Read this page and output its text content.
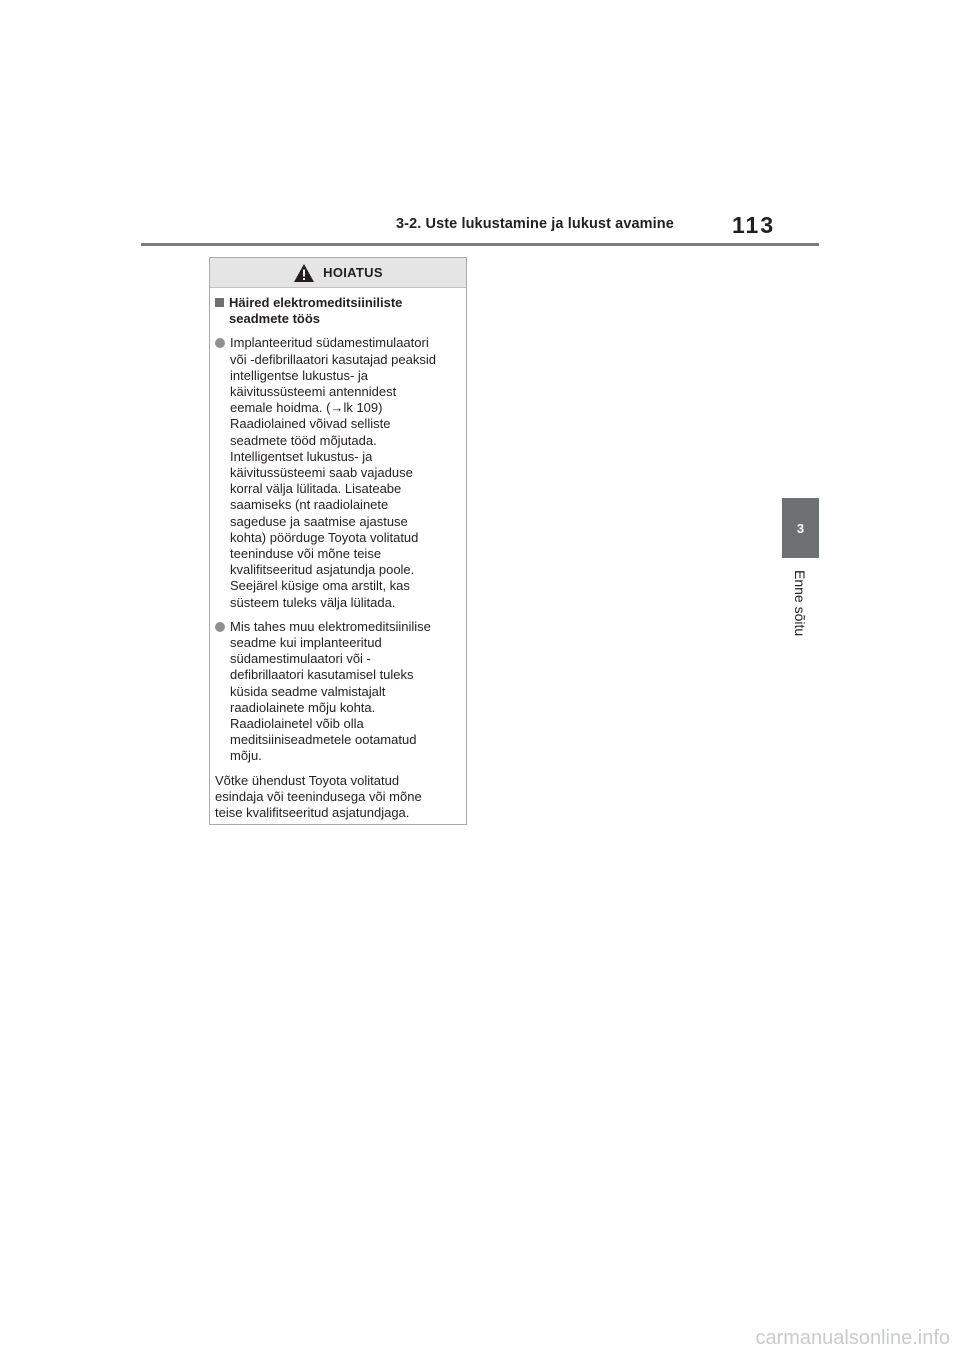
3-2. Uste lukustamine ja lukust avamine	113
3
Enne sõitu
HOIATUS
Häired elektromeditsiiniliste
seadmete töös
Implanteeritud südamestimulaatori
või -defibrillaatori kasutajad peaksid
intelligentse lukustus- ja
käivitussüsteemi antennidest
eemale hoidma. (→lk 109)
Raadiolained võivad selliste
seadmete tööd mõjutada.
Intelligentset lukustus- ja
käivitussüsteemi saab vajaduse
korral välja lülitada. Lisateabe
saamiseks (nt raadiolainete
sageduse ja saatmise ajastuse
kohta) pöörduge Toyota volitatud
teeninduse või mõne teise
kvalifitseeritud asjatundja poole.
Seejärel küsige oma arstilt, kas
süsteem tuleks välja lülitada.
Mis tahes muu elektromeditsiinilise
seadme kui implanteeritud
südamestimulaatori või -
defibrillaatori kasutamisel tuleks
küsida seadme valmistajalt
raadiolainete mõju kohta.
Raadiolainetel võib olla
meditsiiniseadmetele ootamatud
mõju.
Võtke ühendust Toyota volitatud
esindaja või teenindusega või mõne
teise kvalifitseeritud asjatundjaga.
carmanualsonline.info
